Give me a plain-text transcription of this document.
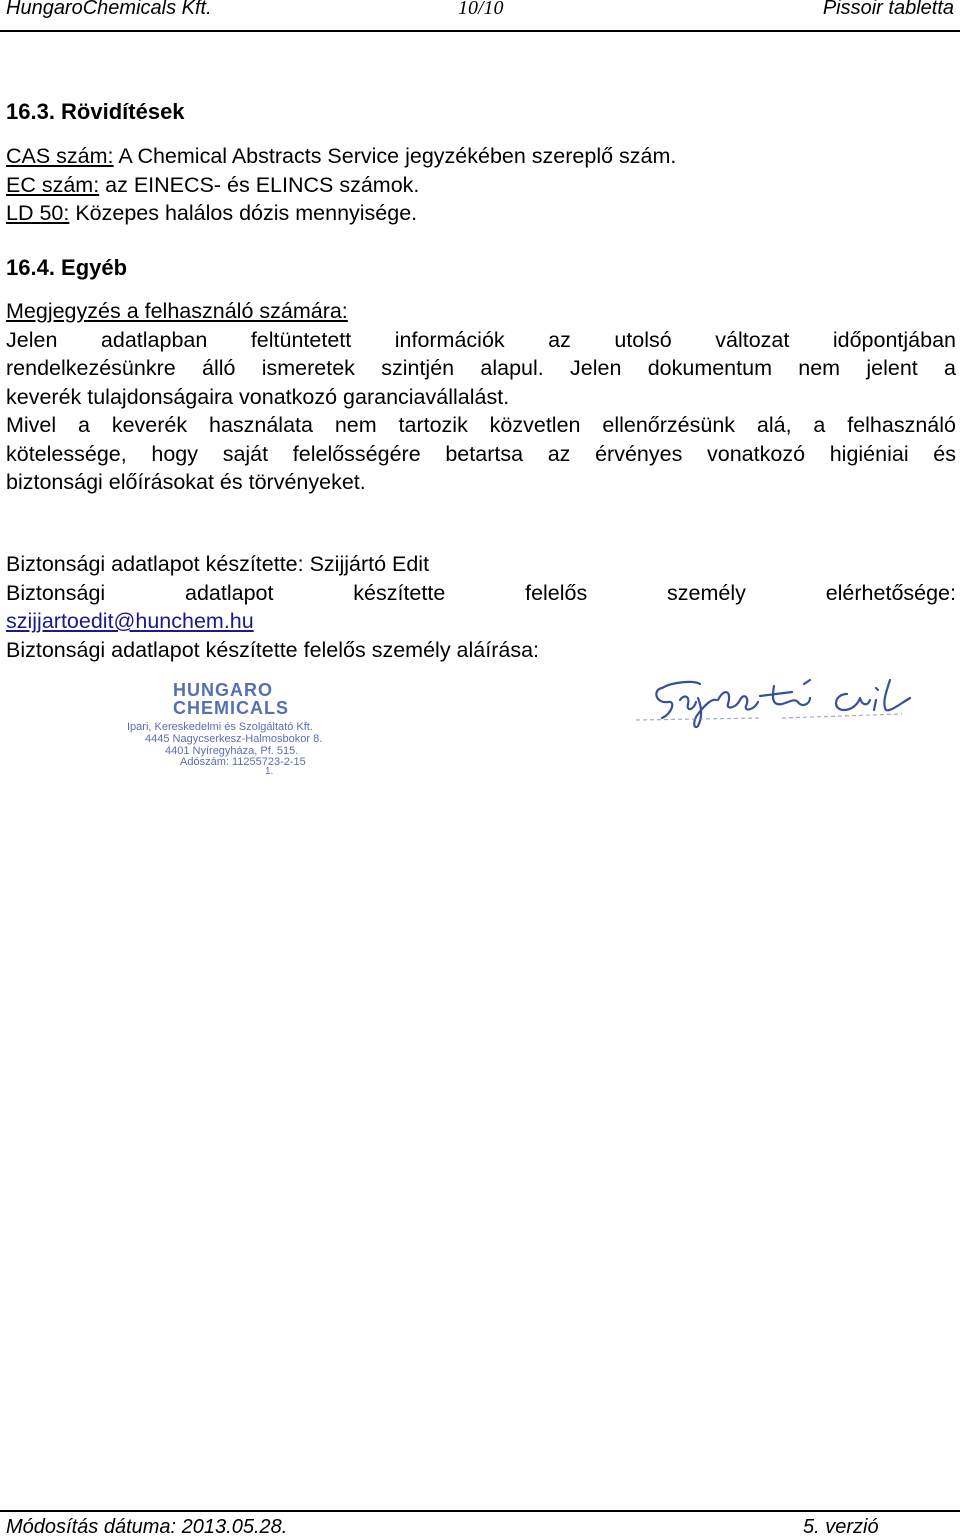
HungaroChemicals Kft.	10/10	Pissoir tabletta
16.3. Rövidítések
CAS szám: A Chemical Abstracts Service jegyzékében szereplő szám.
EC szám: az EINECS- és ELINCS számok.
LD 50: Közepes halálos dózis mennyisége.
16.4. Egyéb
Megjegyzés a felhasználó számára:
Jelen adatlapban feltüntetett információk az utolsó változat időpontjában
rendelkezésünkre álló ismeretek szintjén alapul. Jelen dokumentum nem jelent a
keverék tulajdonságaira vonatkozó garanciavállalást.
Mivel a keverék használata nem tartozik közvetlen ellenőrzésünk alá, a felhasználó
kötelessége, hogy saját felelősségére betartsa az érvényes vonatkozó higiéniai és
biztonsági előírásokat és törvényeket.
Biztonsági adatlapot készítette: Szijjártó Edit
Biztonsági adatlapot készítette felelős személy elérhetősége:
szijjartoedit@hunchem.hu
Biztonsági adatlapot készítette felelős személy aláírása:
HUNGARO
CHEMICALS
Ipari, Kereskedelmi és Szolgáltató Kft.
4445 Nagycserkesz-Halmosbokor 8.
4401 Nyíregyháza, Pf. 515.
Adószám: 11255723-2-15
1.
Módosítás dátuma: 2013.05.28.	5. verzió
